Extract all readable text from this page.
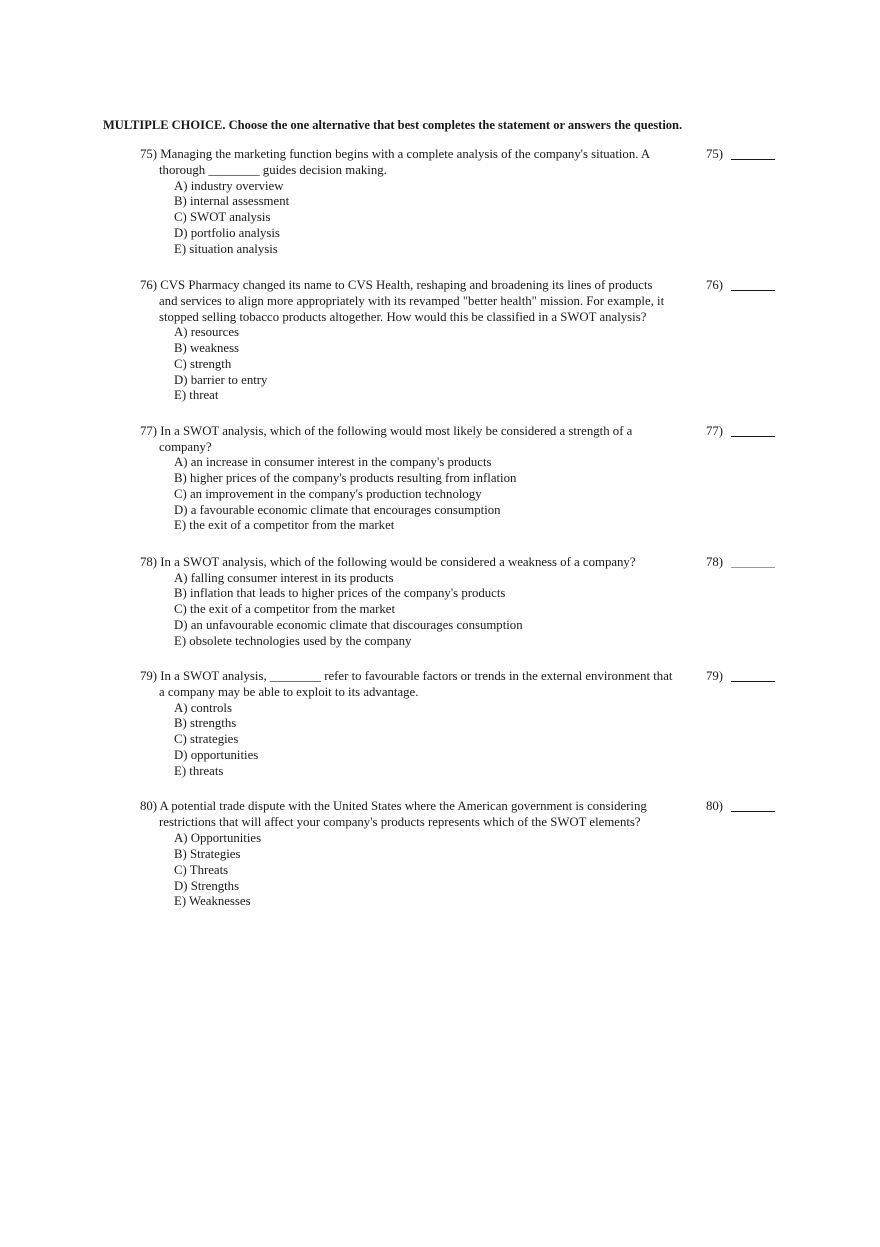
MULTIPLE CHOICE. Choose the one alternative that best completes the statement or answers the question.
75) Managing the marketing function begins with a complete analysis of the company's situation. A
thorough ________ guides decision making.
75)
A) industry overview
B) internal assessment
C) SWOT analysis
D) portfolio analysis
E) situation analysis
76) CVS Pharmacy changed its name to CVS Health, reshaping and broadening its lines of products
and services to align more appropriately with its revamped "better health" mission. For example, it
stopped selling tobacco products altogether. How would this be classified in a SWOT analysis?
76)
A) resources
B) weakness
C) strength
D) barrier to entry
E) threat
77) In a SWOT analysis, which of the following would most likely be considered a strength of a
company?
77)
A) an increase in consumer interest in the company's products
B) higher prices of the company's products resulting from inflation
C) an improvement in the company's production technology
D) a favourable economic climate that encourages consumption
E) the exit of a competitor from the market
78) In a SWOT analysis, which of the following would be considered a weakness of a company?	78)
A) falling consumer interest in its products
B) inflation that leads to higher prices of the company's products
C) the exit of a competitor from the market
D) an unfavourable economic climate that discourages consumption
E) obsolete technologies used by the company
79) In a SWOT analysis, ________ refer to favourable factors or trends in the external environment that
a company may be able to exploit to its advantage.
79)
A) controls
B) strengths
C) strategies
D) opportunities
E) threats
80) A potential trade dispute with the United States where the American government is considering
restrictions that will affect your company's products represents which of the SWOT elements?
80)
A) Opportunities
B) Strategies
C) Threats
D) Strengths
E) Weaknesses
